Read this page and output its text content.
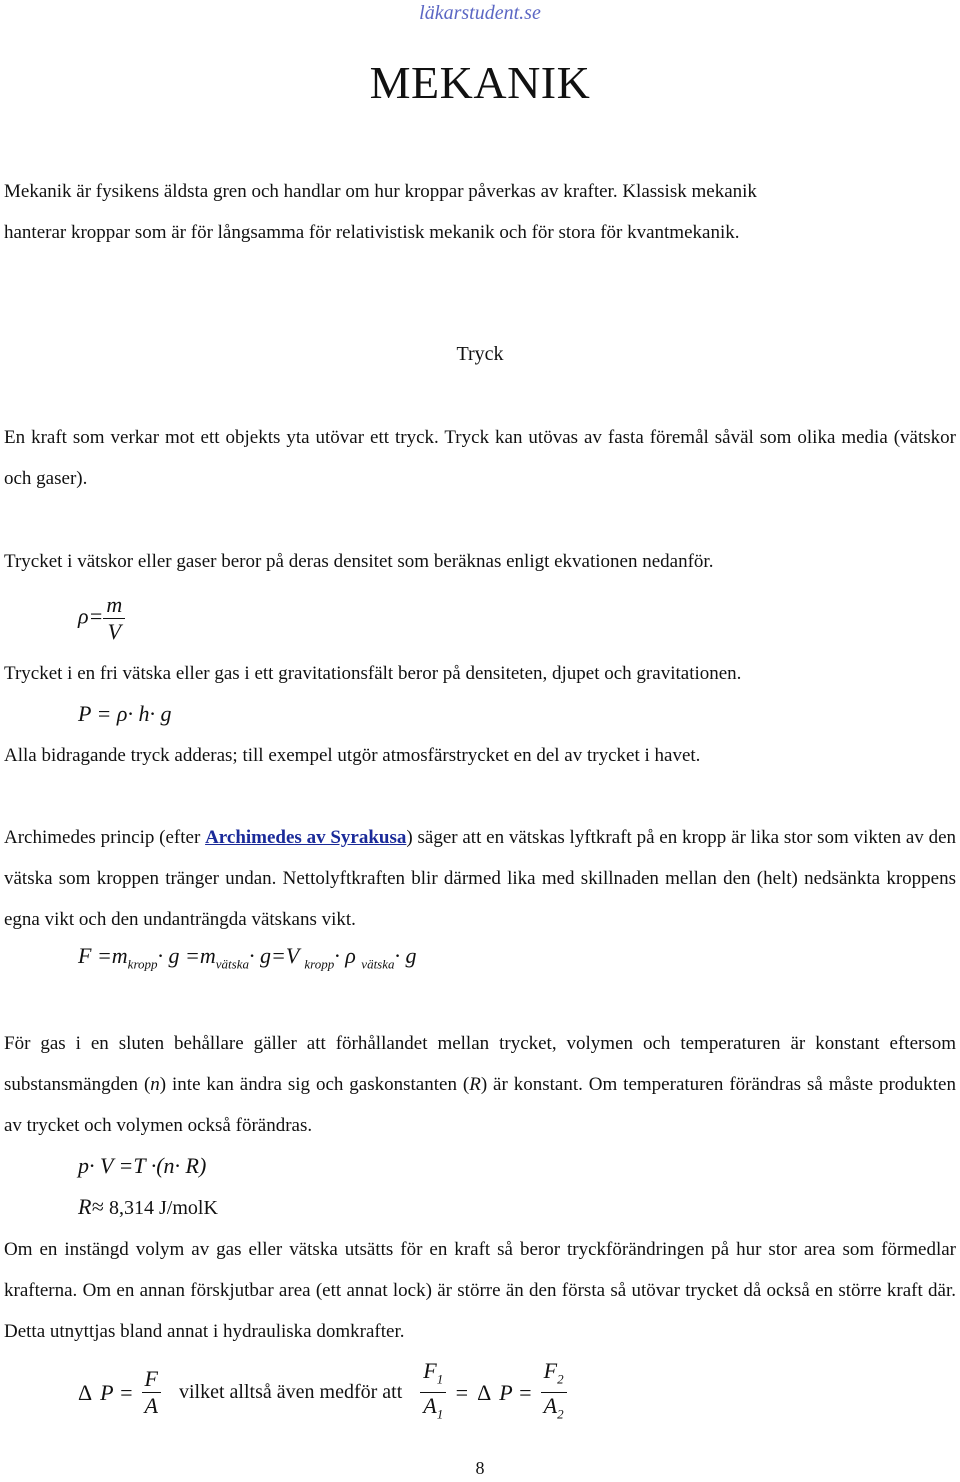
läkarstudent.se
MEKANIK
Mekanik är fysikens äldsta gren och handlar om hur kroppar påverkas av krafter. Klassisk mekanik
hanterar kroppar som är för långsamma för relativistisk mekanik och för stora för kvantmekanik.
Tryck
En kraft som verkar mot ett objekts yta utövar ett tryck. Tryck kan utövas av fasta föremål såväl som olika media (vätskor och gaser).
Trycket i vätskor eller gaser beror på deras densitet som beräknas enligt ekvationen nedanför.
$\rho= \frac{m}{V}$
Trycket i en fri vätska eller gas i ett gravitationsfält beror på densiteten, djupet och gravitationen.
P = ρ· h· g
Alla bidragande tryck adderas; till exempel utgör atmosfärstrycket en del av trycket i havet.
Archimedes princip (efter Archimedes av Syrakusa) säger att en vätskas lyftkraft på en kropp är lika stor som vikten av den vätska som kroppen tränger undan. Nettolyftkraften blir därmed lika med skillnaden mellan den (helt) nedsänkta kroppens egna vikt och den undanträngda vätskans vikt.
$F =m_{kropp}\cdot g =m_{vätska}\cdot g=V$ $_{kropp}$· ρ $_{vätska}$· g
För gas i en sluten behållare gäller att förhållandet mellan trycket, volymen och temperaturen är konstant eftersom substansmängden (n) inte kan ändra sig och gaskonstanten (R) är konstant. Om temperaturen förändras så måste produkten av trycket och volymen också förändras.
p· V =T ·(n· R)
R≈ 8,314 J/molK
Om en instängd volym av gas eller vätska utsätts för en kraft så beror tryckförändringen på hur stor area som förmedlar krafterna. Om en annan förskjutbar area (ett annat lock) är större än den första så utövar trycket då också en större kraft där. Detta utnyttjas bland annat i hydrauliska domkrafter.
Δ $P = \frac{F}{A}$ vilket alltså även medför att $\frac{F_1}{A_1} = \Delta$ $P = \frac{F_2}{A_2}$
8
